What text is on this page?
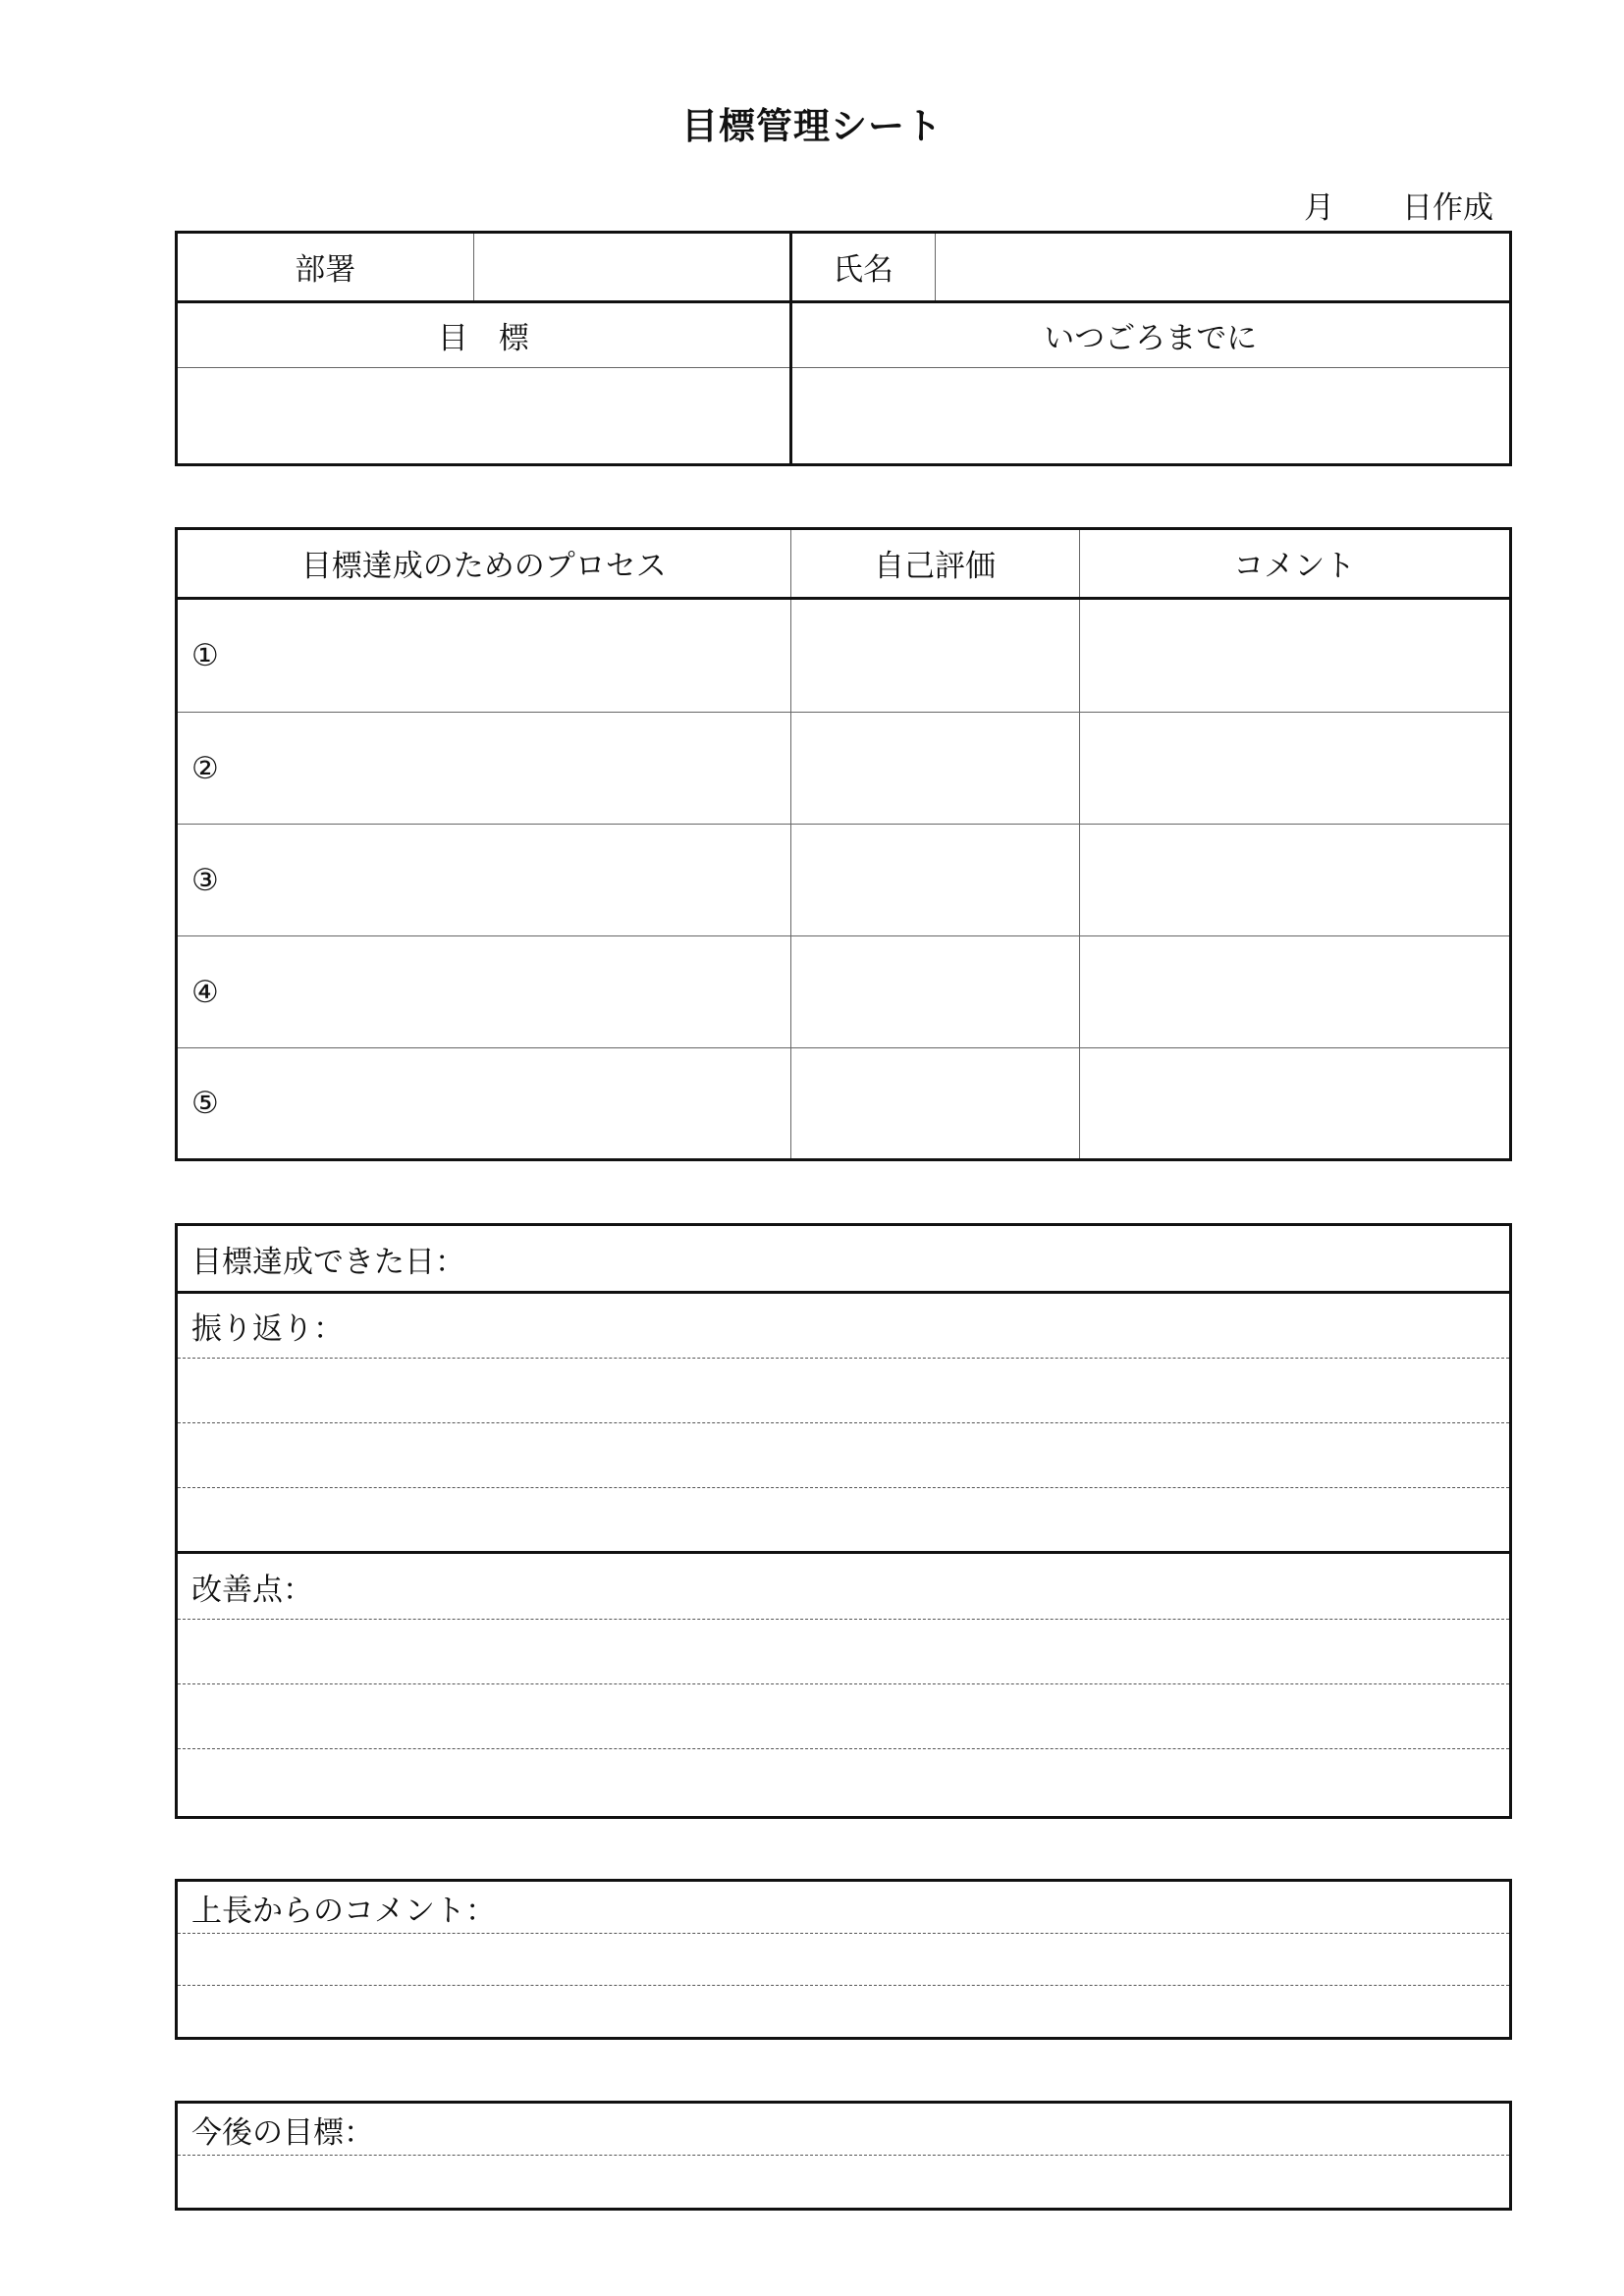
目標管理シート
月 日作成
部署		氏名	
目　標		いつごろまでに	

目標達成のためのプロセス	自己評価	コメント
①		
②		
③		
④		
⑤		
目標達成できた日：
振り返り：
改善点：
上長からのコメント：
今後の目標：
